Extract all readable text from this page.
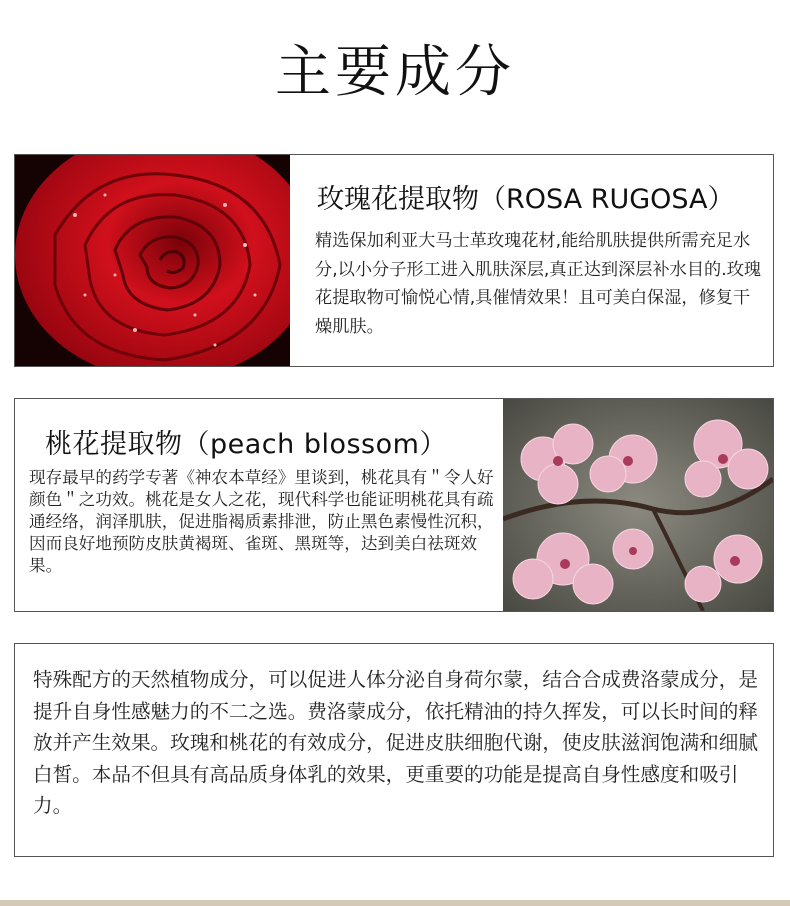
主要成分
玫瑰花提取物（ROSA RUGOSA）
精选保加利亚大马士革玫瑰花材,能给肌肤提供所需充足水分,以小分子形工进入肌肤深层,真正达到深层补水目的.玫瑰花提取物可愉悦心情,具催情效果！且可美白保湿，修复干燥肌肤。
桃花提取物（peach blossom）
现存最早的药学专著《神农本草经》里谈到，桃花具有＂令人好颜色＂之功效。桃花是女人之花，现代科学也能证明桃花具有疏通经络，润泽肌肤，促进脂褐质素排泄，防止黑色素慢性沉积，因而良好地预防皮肤黄褐斑、雀斑、黑斑等，达到美白祛斑效果。
特殊配方的天然植物成分，可以促进人体分泌自身荷尔蒙，结合合成费洛蒙成分，是提升自身性感魅力的不二之选。费洛蒙成分，依托精油的持久挥发，可以长时间的释放并产生效果。玫瑰和桃花的有效成分，促进皮肤细胞代谢，使皮肤滋润饱满和细腻白皙。本品不但具有高品质身体乳的效果，更重要的功能是提高自身性感度和吸引力。
